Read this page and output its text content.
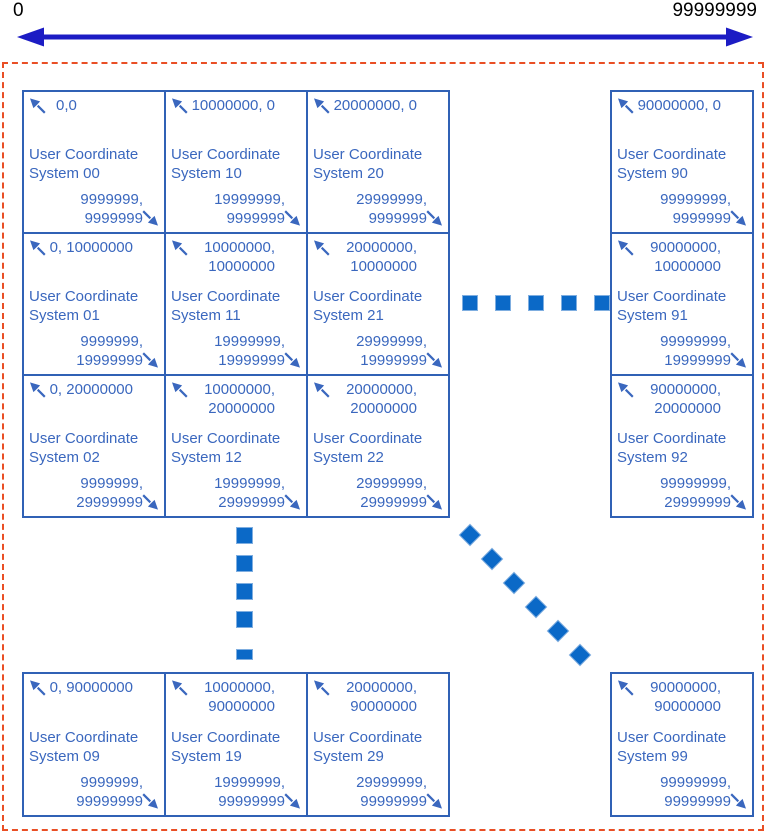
0	99999999
0,0
User Coordinate System 00
9999999, 9999999
10000000, 0
User Coordinate System 10
19999999, 9999999
20000000, 0
User Coordinate System 20
29999999, 9999999
0, 10000000
User Coordinate System 01
9999999, 19999999
10000000, 10000000
User Coordinate System 11
19999999, 19999999
20000000, 10000000
User Coordinate System 21
29999999, 19999999
0, 20000000
User Coordinate System 02
9999999, 29999999
10000000, 20000000
User Coordinate System 12
19999999, 29999999
20000000, 20000000
User Coordinate System 22
29999999, 29999999
90000000, 0
User Coordinate System 90
99999999, 9999999
90000000, 10000000
User Coordinate System 91
99999999, 19999999
90000000, 20000000
User Coordinate System 92
99999999, 29999999
0, 90000000
User Coordinate System 09
9999999, 99999999
10000000, 90000000
User Coordinate System 19
19999999, 99999999
20000000, 90000000
User Coordinate System 29
29999999, 99999999
90000000, 90000000
User Coordinate System 99
99999999, 99999999
